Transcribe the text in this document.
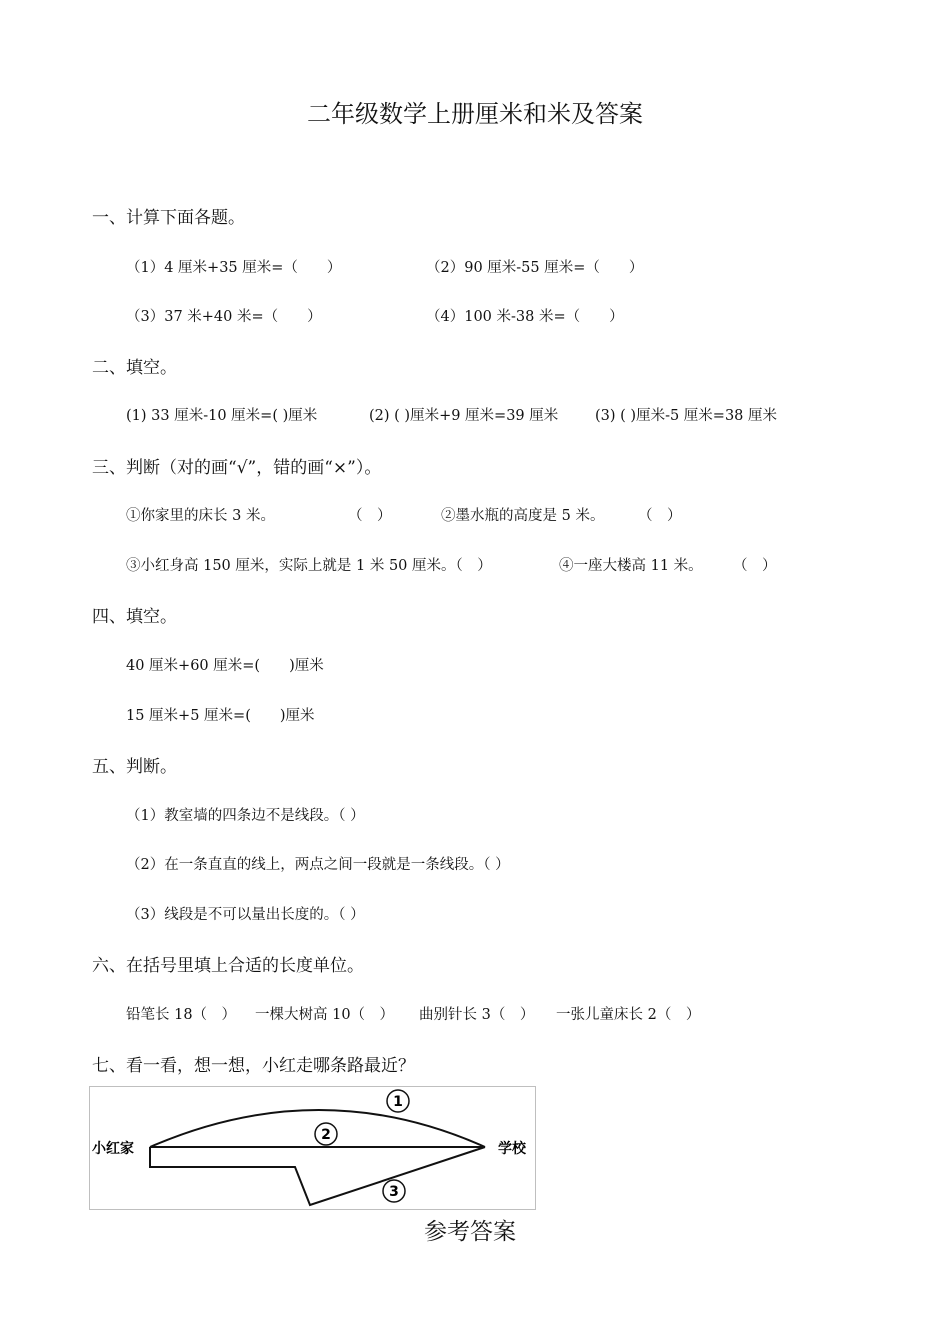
二年级数学上册厘米和米及答案
一、计算下面各题。
（1）4 厘米+35 厘米=（　　）	（2）90 厘米-55 厘米=（　　）
（3）37 米+40 米=（　　）	（4）100 米-38 米=（　　）
二、填空。
(1) 33 厘米-10 厘米=( )厘米	(2) ( )厘米+9 厘米=39 厘米	(3) ( )厘米-5 厘米=38 厘米
三、判断（对的画“√”，错的画“×”）。
①你家里的床长 3 米。	（　）	②墨水瓶的高度是 5 米。 （　）
③小红身高 150 厘米，实际上就是 1 米 50 厘米。（　）	④一座大楼高 11 米。 （　）
四、填空。
40 厘米+60 厘米=(　　)厘米
15 厘米+5 厘米=(　　)厘米
五、判断。
（1）教室墙的四条边不是线段。（ ）
（2）在一条直直的线上，两点之间一段就是一条线段。（ ）
（3）线段是不可以量出长度的。（ ）
六、在括号里填上合适的长度单位。
铅笔长 18（　） 一棵大树高 10（　） 曲别针长 3（　） 一张儿童床长 2（　）
七、看一看，想一想，小红走哪条路最近？
1
2
3
小红家	学校
参考答案
